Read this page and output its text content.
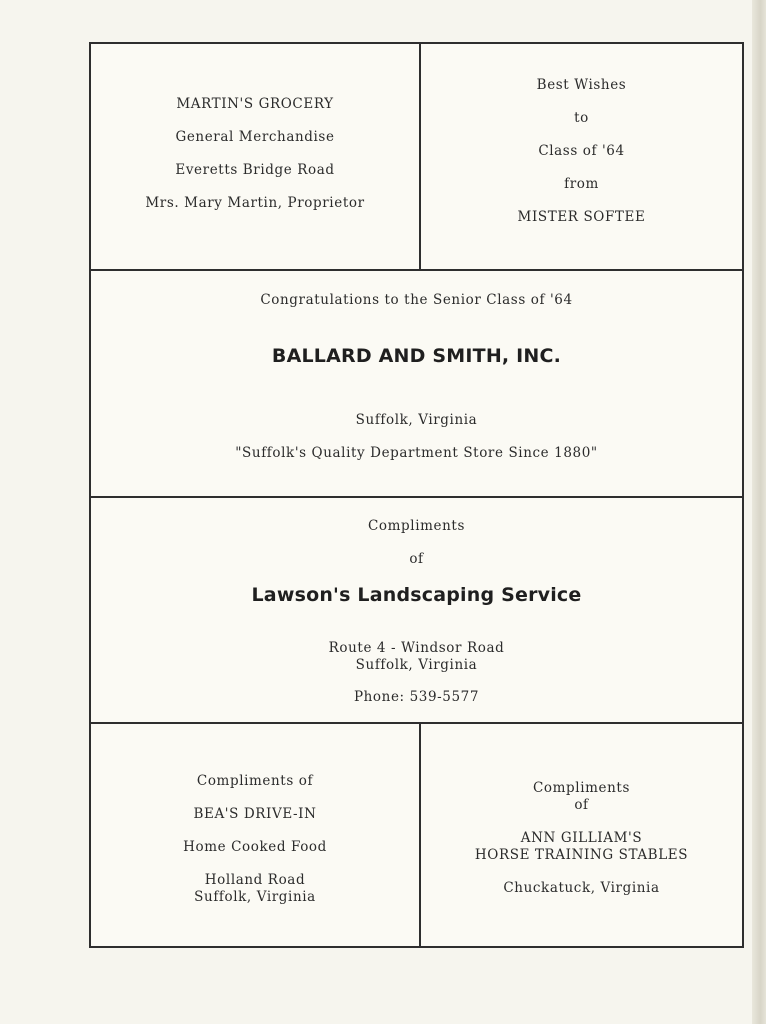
MARTIN'S GROCERY
General Merchandise
Everetts Bridge Road
Mrs. Mary Martin, Proprietor
Best Wishes
to
Class of '64
from
MISTER SOFTEE
Congratulations to the Senior Class of '64
BALLARD AND SMITH, INC.
Suffolk, Virginia
"Suffolk's Quality Department Store Since 1880"
Compliments
of
Lawson's Landscaping Service
Route 4 - Windsor Road
Suffolk, Virginia
Phone: 539-5577
Compliments of
BEA'S DRIVE-IN
Home Cooked Food
Holland Road
Suffolk, Virginia
Compliments
of
ANN GILLIAM'S
HORSE TRAINING STABLES
Chuckatuck, Virginia
